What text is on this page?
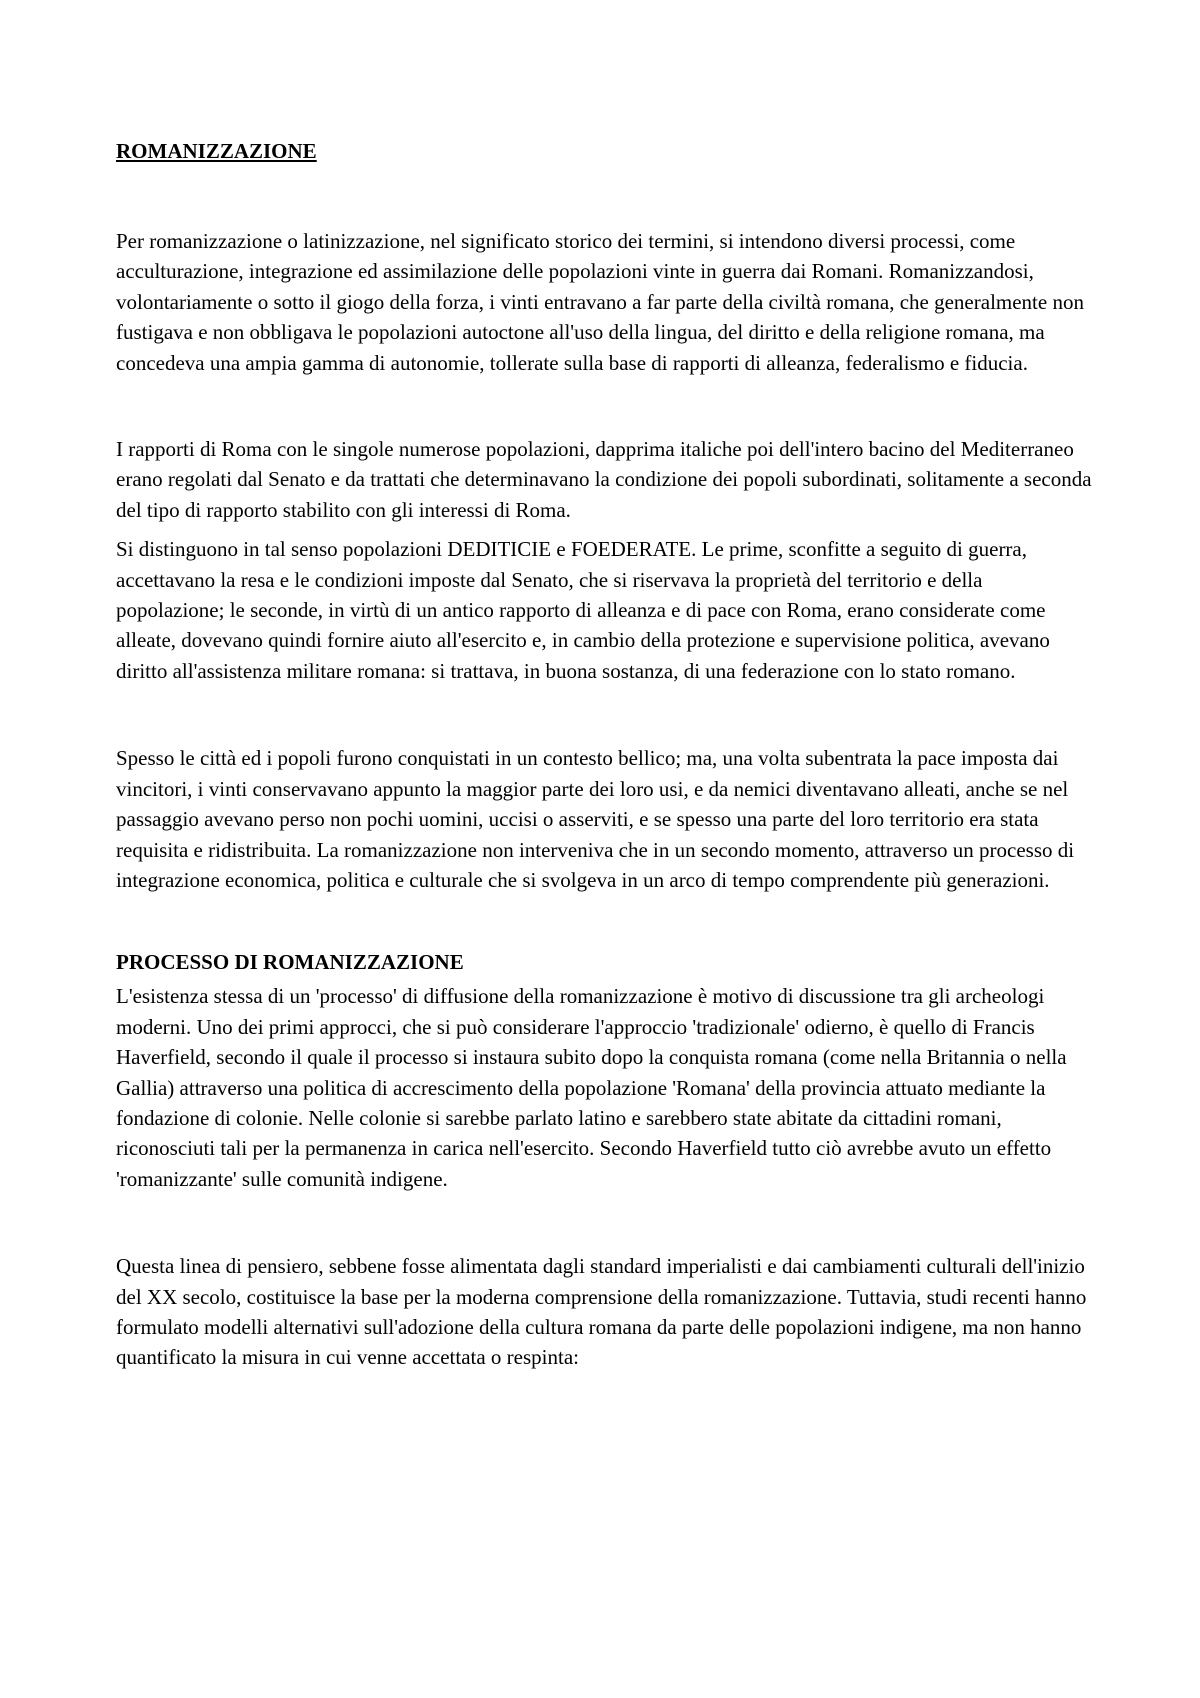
ROMANIZZAZIONE

Per romanizzazione o latinizzazione, nel significato storico dei termini, si intendono diversi processi, come acculturazione, integrazione ed assimilazione delle popolazioni vinte in guerra dai Romani. Romanizzandosi, volontariamente o sotto il giogo della forza, i vinti entravano a far parte della civiltà romana, che generalmente non fustigava e non obbligava le popolazioni autoctone all'uso della lingua, del diritto e della religione romana, ma concedeva una ampia gamma di autonomie, tollerate sulla base di rapporti di alleanza, federalismo e fiducia.

I rapporti di Roma con le singole numerose popolazioni, dapprima italiche poi dell'intero bacino del Mediterraneo erano regolati dal Senato e da trattati che determinavano la condizione dei popoli subordinati, solitamente a seconda del tipo di rapporto stabilito con gli interessi di Roma.

Si distinguono in tal senso popolazioni DEDITICIE e FOEDERATE. Le prime, sconfitte a seguito di guerra, accettavano la resa e le condizioni imposte dal Senato, che si riservava la proprietà del territorio e della popolazione; le seconde, in virtù di un antico rapporto di alleanza e di pace con Roma, erano considerate come alleate, dovevano quindi fornire aiuto all'esercito e, in cambio della protezione e supervisione politica, avevano diritto all'assistenza militare romana: si trattava, in buona sostanza, di una federazione con lo stato romano.

Spesso le città ed i popoli furono conquistati in un contesto bellico; ma, una volta subentrata la pace imposta dai vincitori, i vinti conservavano appunto la maggior parte dei loro usi, e da nemici diventavano alleati, anche se nel passaggio avevano perso non pochi uomini, uccisi o asserviti, e se spesso una parte del loro territorio era stata requisita e ridistribuita. La romanizzazione non interveniva che in un secondo momento, attraverso un processo di integrazione economica, politica e culturale che si svolgeva in un arco di tempo comprendente più generazioni.

PROCESSO DI ROMANIZZAZIONE

L'esistenza stessa di un 'processo' di diffusione della romanizzazione è motivo di discussione tra gli archeologi moderni. Uno dei primi approcci, che si può considerare l'approccio 'tradizionale' odierno, è quello di Francis Haverfield, secondo il quale il processo si instaura subito dopo la conquista romana (come nella Britannia o nella Gallia) attraverso una politica di accrescimento della popolazione 'Romana' della provincia attuato mediante la fondazione di colonie. Nelle colonie si sarebbe parlato latino e sarebbero state abitate da cittadini romani, riconosciuti tali per la permanenza in carica nell'esercito. Secondo Haverfield tutto ciò avrebbe avuto un effetto 'romanizzante' sulle comunità indigene.

Questa linea di pensiero, sebbene fosse alimentata dagli standard imperialisti e dai cambiamenti culturali dell'inizio del XX secolo, costituisce la base per la moderna comprensione della romanizzazione. Tuttavia, studi recenti hanno formulato modelli alternativi sull'adozione della cultura romana da parte delle popolazioni indigene, ma non hanno quantificato la misura in cui venne accettata o respinta:
